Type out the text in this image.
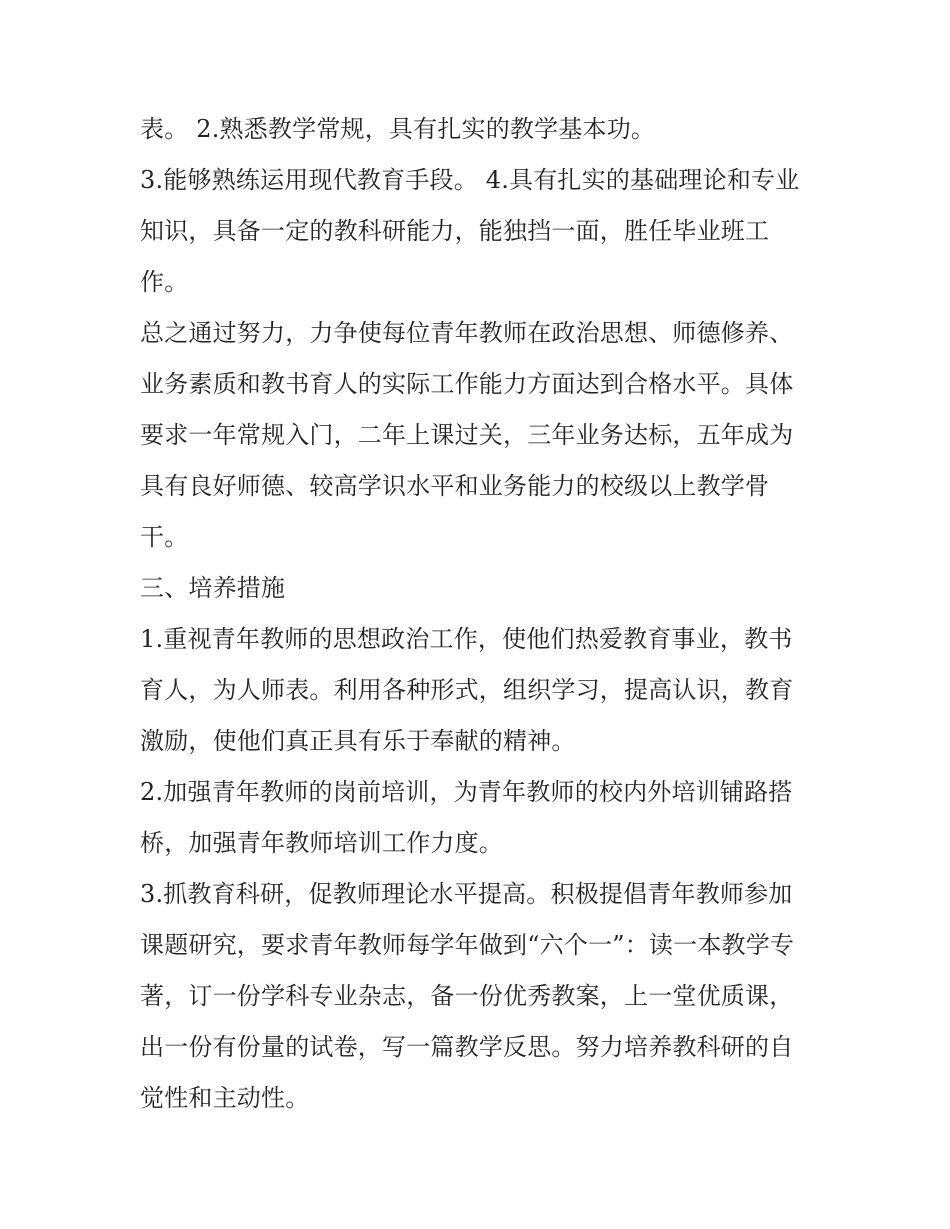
表。 2.熟悉教学常规，具有扎实的教学基本功。
3.能够熟练运用现代教育手段。 4.具有扎实的基础理论和专业
知识，具备一定的教科研能力，能独挡一面，胜任毕业班工
作。
总之通过努力，力争使每位青年教师在政治思想、师德修养、
业务素质和教书育人的实际工作能力方面达到合格水平。具体
要求一年常规入门，二年上课过关，三年业务达标，五年成为
具有良好师德、较高学识水平和业务能力的校级以上教学骨
干。
三、培养措施
1.重视青年教师的思想政治工作，使他们热爱教育事业，教书
育人，为人师表。利用各种形式，组织学习，提高认识，教育
激励，使他们真正具有乐于奉献的精神。
2.加强青年教师的岗前培训，为青年教师的校内外培训铺路搭
桥，加强青年教师培训工作力度。
3.抓教育科研，促教师理论水平提高。积极提倡青年教师参加
课题研究，要求青年教师每学年做到“六个一”：读一本教学专
著，订一份学科专业杂志，备一份优秀教案，上一堂优质课，
出一份有份量的试卷，写一篇教学反思。努力培养教科研的自
觉性和主动性。
